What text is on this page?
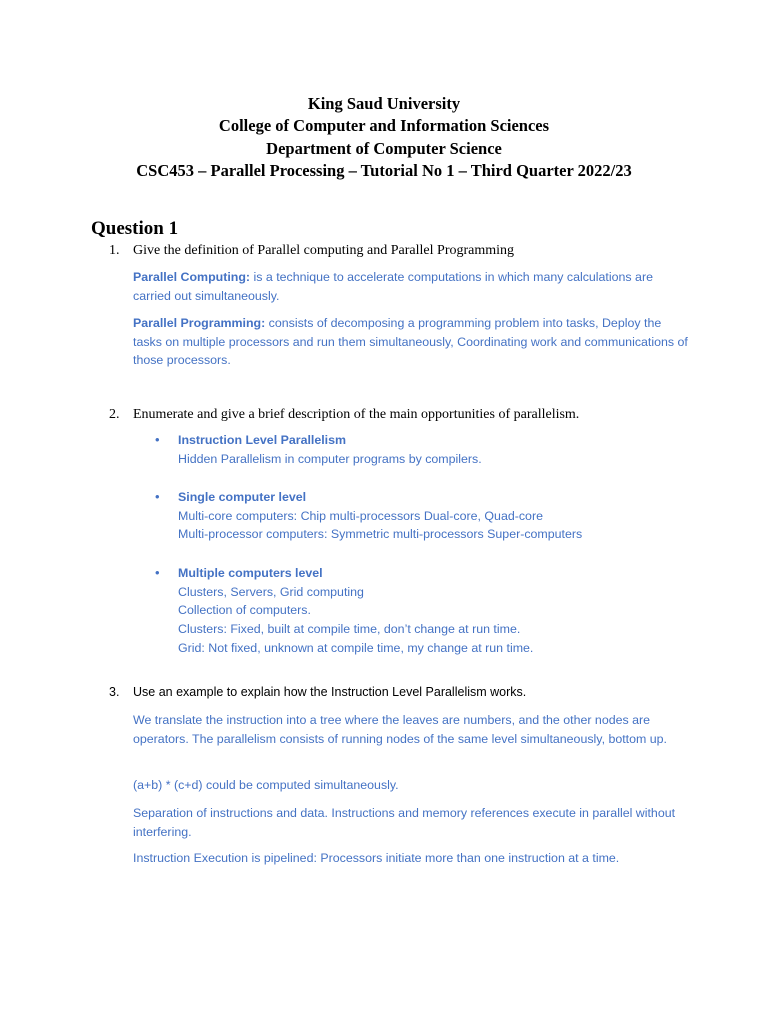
King Saud University
College of Computer and Information Sciences
Department of Computer Science
CSC453 – Parallel Processing – Tutorial No 1 – Third Quarter 2022/23
Question 1
1. Give the definition of Parallel computing and Parallel Programming
Parallel Computing: is a technique to accelerate computations in which many calculations are carried out simultaneously.
Parallel Programming: consists of decomposing a programming problem into tasks, Deploy the tasks on multiple processors and run them simultaneously, Coordinating work and communications of those processors.
2. Enumerate and give a brief description of the main opportunities of parallelism.
• Instruction Level Parallelism
Hidden Parallelism in computer programs by compilers.
• Single computer level
Multi-core computers: Chip multi-processors Dual-core, Quad-core
Multi-processor computers: Symmetric multi-processors Super-computers
• Multiple computers level
Clusters, Servers, Grid computing
Collection of computers.
Clusters: Fixed, built at compile time, don’t change at run time.
Grid: Not fixed, unknown at compile time, my change at run time.
3. Use an example to explain how the Instruction Level Parallelism works.
We translate the instruction into a tree where the leaves are numbers, and the other nodes are operators. The parallelism consists of running nodes of the same level simultaneously, bottom up.
(a+b) * (c+d) could be computed simultaneously.
Separation of instructions and data. Instructions and memory references execute in parallel without interfering.
Instruction Execution is pipelined: Processors initiate more than one instruction at a time.
